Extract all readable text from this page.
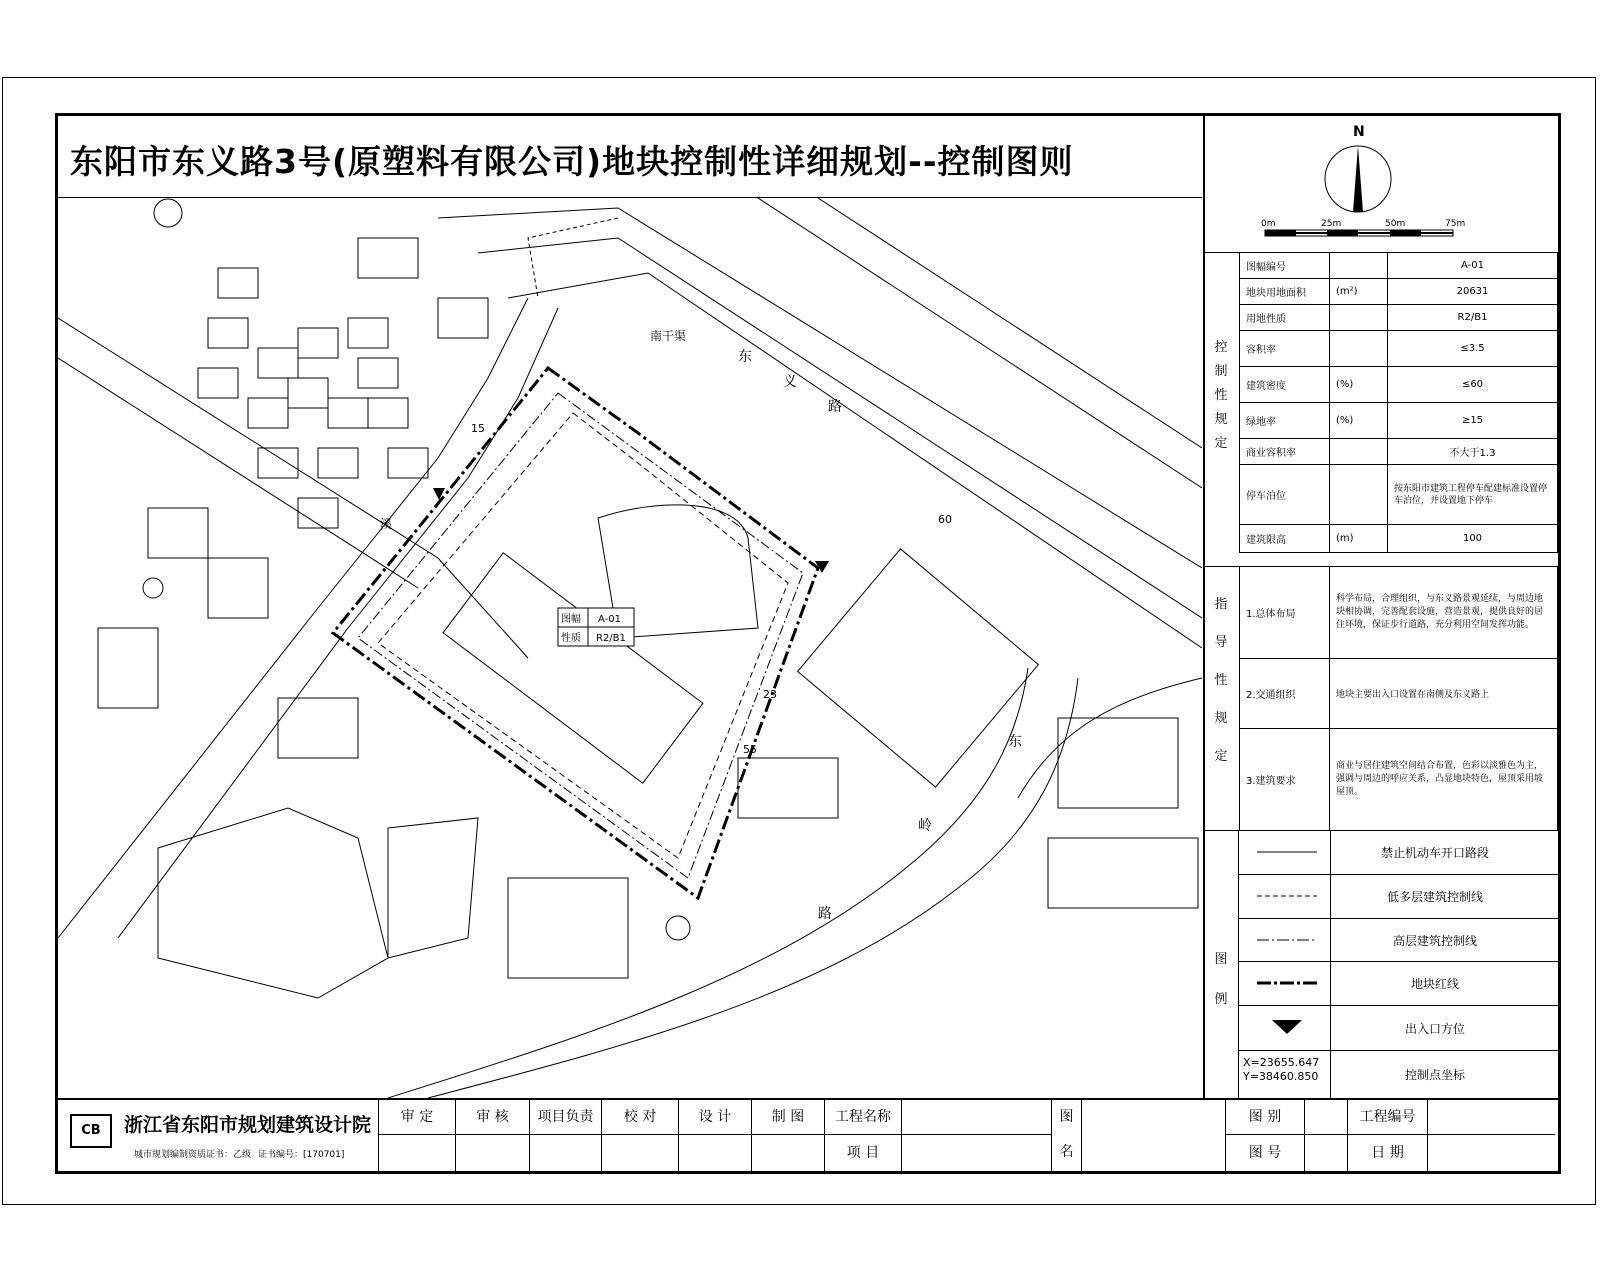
东阳市东义路3号(原塑料有限公司)地块控制性详细规划--控制图则
东
义
路
东
岭
路
南干渠
溪
15
60
23
55
图幅 A-01
性质 R2/B1
N
0m	25m	50m	75m
控
制
性
规
定
图幅编号		A-01
地块用地面积	(m²)	20631
用地性质		R2/B1
容积率		≤3.5
建筑密度	(%)	≤60
绿地率	(%)	≥15
商业容积率		不大于1.3
停车泊位		按东阳市建筑工程停车配建标准设置停车泊位，并设置地下停车
建筑限高	(m)	100
指
导
性
规
定
1.总体布局	科学布局，合理组织，与东义路景观延续，与周边地块相协调，完善配套设施，营造景观，提供良好的居住环境，保证步行道路，充分利用空间发挥功能。
2.交通组织	地块主要出入口设置在南侧及东义路上
3.建筑要求	商业与居住建筑空间结合布置，色彩以淡雅色为主，强调与周边的呼应关系，凸显地块特色，屋顶采用坡屋顶。
图
例
X=23655.647
Y=38460.850
禁止机动车开口路段
低多层建筑控制线
高层建筑控制线
地块红线
出入口方位
控制点坐标
CB	浙江省东阳市规划建筑设计院
城市规划编制资质证书：乙级 证书编号：[170701]
审 定	审 核	项目负责	校 对	设 计	制 图	工程名称
项 目
图
名
图 别
图 号
工程编号
日 期
